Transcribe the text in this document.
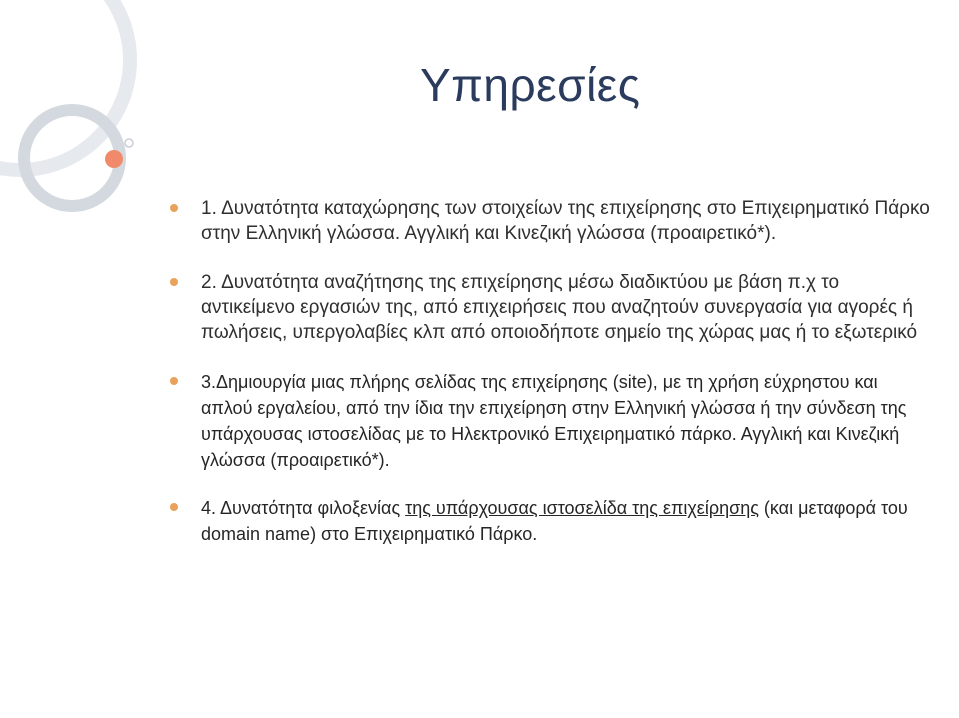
Υπηρεσίες
1. Δυνατότητα καταχώρησης των στοιχείων της επιχείρησης στο Επιχειρηματικό Πάρκο στην Ελληνική γλώσσα. Αγγλική και Κινεζική γλώσσα (προαιρετικό*).
2. Δυνατότητα αναζήτησης της επιχείρησης μέσω διαδικτύου με βάση π.χ το αντικείμενο εργασιών της, από επιχειρήσεις που αναζητούν συνεργασία για αγορές ή πωλήσεις, υπεργολαβίες κλπ από οποιοδήποτε σημείο της χώρας μας ή το εξωτερικό
3.Δημιουργία μιας πλήρης σελίδας της επιχείρησης (site), με τη χρήση εύχρηστου και απλού εργαλείου, από την ίδια την επιχείρηση στην Ελληνική γλώσσα ή την σύνδεση της υπάρχουσας ιστοσελίδας με το Ηλεκτρονικό Επιχειρηματικό πάρκο. Αγγλική και Κινεζική γλώσσα (προαιρετικό*).
4. Δυνατότητα φιλοξενίας της υπάρχουσας ιστοσελίδα της επιχείρησης (και μεταφορά του domain name) στο Επιχειρηματικό Πάρκο.
